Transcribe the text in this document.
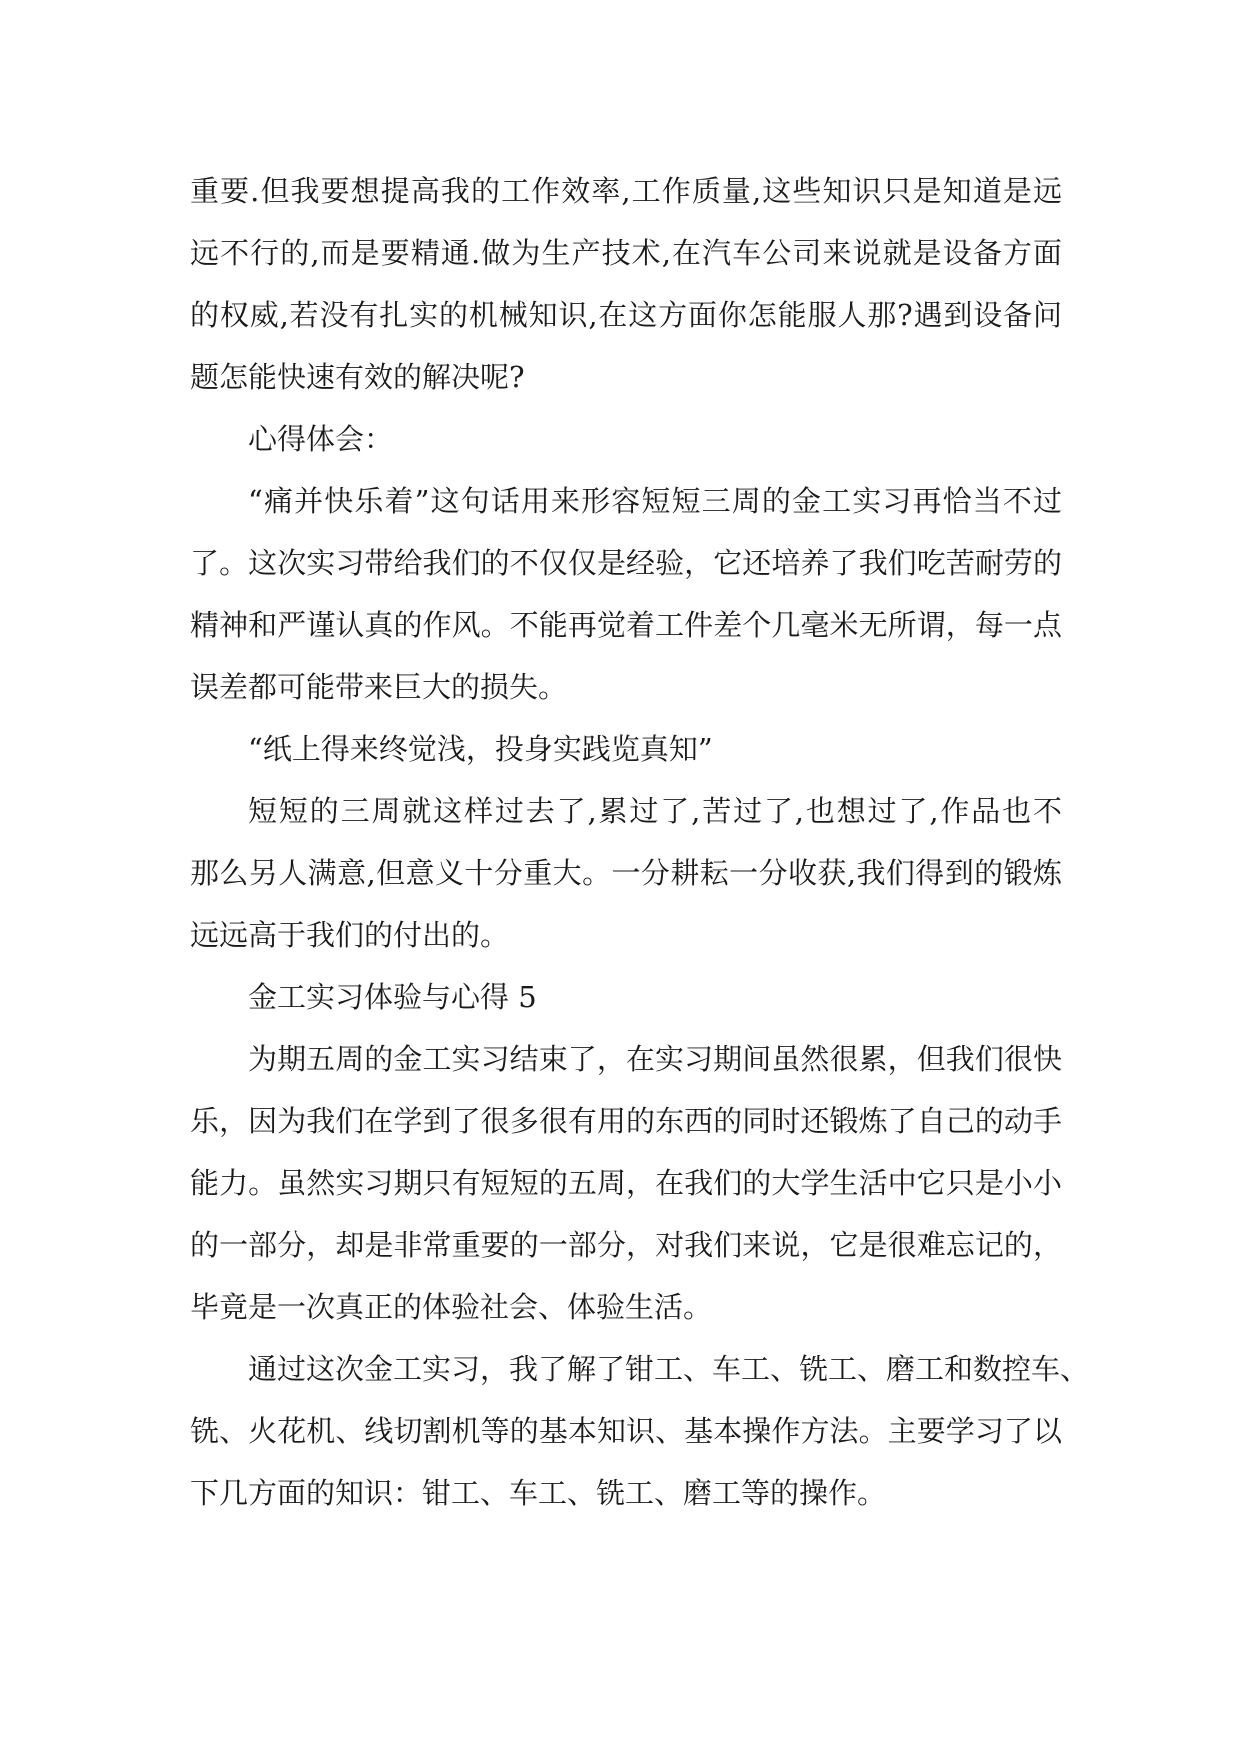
重要.但我要想提高我的工作效率,工作质量,这些知识只是知道是远
远不行的,而是要精通.做为生产技术,在汽车公司来说就是设备方面
的权威,若没有扎实的机械知识,在这方面你怎能服人那?遇到设备问
题怎能快速有效的解决呢?
心得体会：
“痛并快乐着”这句话用来形容短短三周的金工实习再恰当不过
了。这次实习带给我们的不仅仅是经验，它还培养了我们吃苦耐劳的
精神和严谨认真的作风。不能再觉着工件差个几毫米无所谓，每一点
误差都可能带来巨大的损失。
“纸上得来终觉浅，投身实践览真知”
短短的三周就这样过去了,累过了,苦过了,也想过了,作品也不
那么另人满意,但意义十分重大。一分耕耘一分收获,我们得到的锻炼
远远高于我们的付出的。
金工实习体验与心得 5
为期五周的金工实习结束了，在实习期间虽然很累，但我们很快
乐，因为我们在学到了很多很有用的东西的同时还锻炼了自己的动手
能力。虽然实习期只有短短的五周，在我们的大学生活中它只是小小
的一部分，却是非常重要的一部分，对我们来说，它是很难忘记的，
毕竟是一次真正的体验社会、体验生活。
通过这次金工实习，我了解了钳工、车工、铣工、磨工和数控车、
铣、火花机、线切割机等的基本知识、基本操作方法。主要学习了以
下几方面的知识：钳工、车工、铣工、磨工等的操作。
